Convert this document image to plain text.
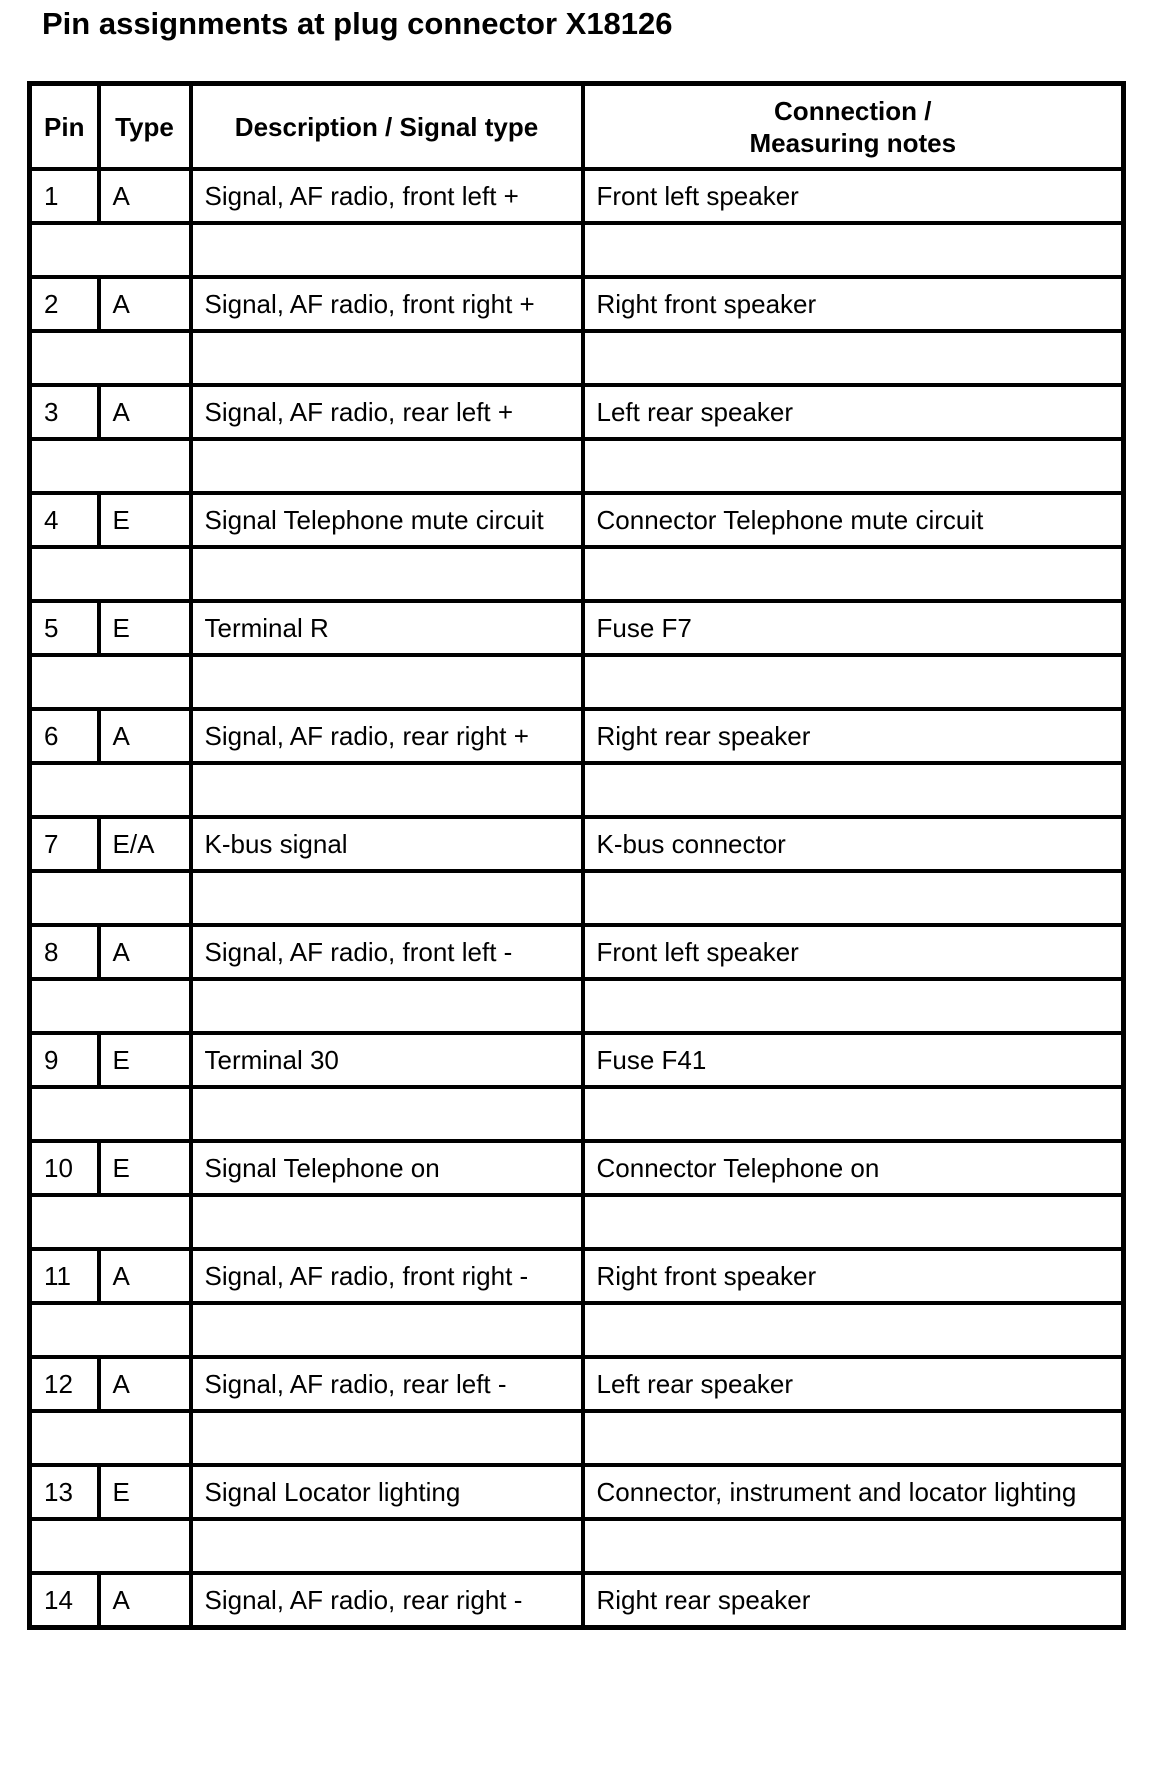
Pin assignments at plug connector X18126
Pin	Type	Description / Signal type	Connection /
Measuring notes
1	A	Signal, AF radio, front left +	Front left speaker

2	A	Signal, AF radio, front right +	Right front speaker

3	A	Signal, AF radio, rear left +	Left rear speaker

4	E	Signal Telephone mute circuit	Connector Telephone mute circuit

5	E	Terminal R	Fuse F7

6	A	Signal, AF radio, rear right +	Right rear speaker

7	E/A	K-bus signal	K-bus connector

8	A	Signal, AF radio, front left -	Front left speaker

9	E	Terminal 30	Fuse F41

10	E	Signal Telephone on	Connector Telephone on

11	A	Signal, AF radio, front right -	Right front speaker

12	A	Signal, AF radio, rear left -	Left rear speaker

13	E	Signal Locator lighting	Connector, instrument and locator lighting

14	A	Signal, AF radio, rear right -	Right rear speaker
